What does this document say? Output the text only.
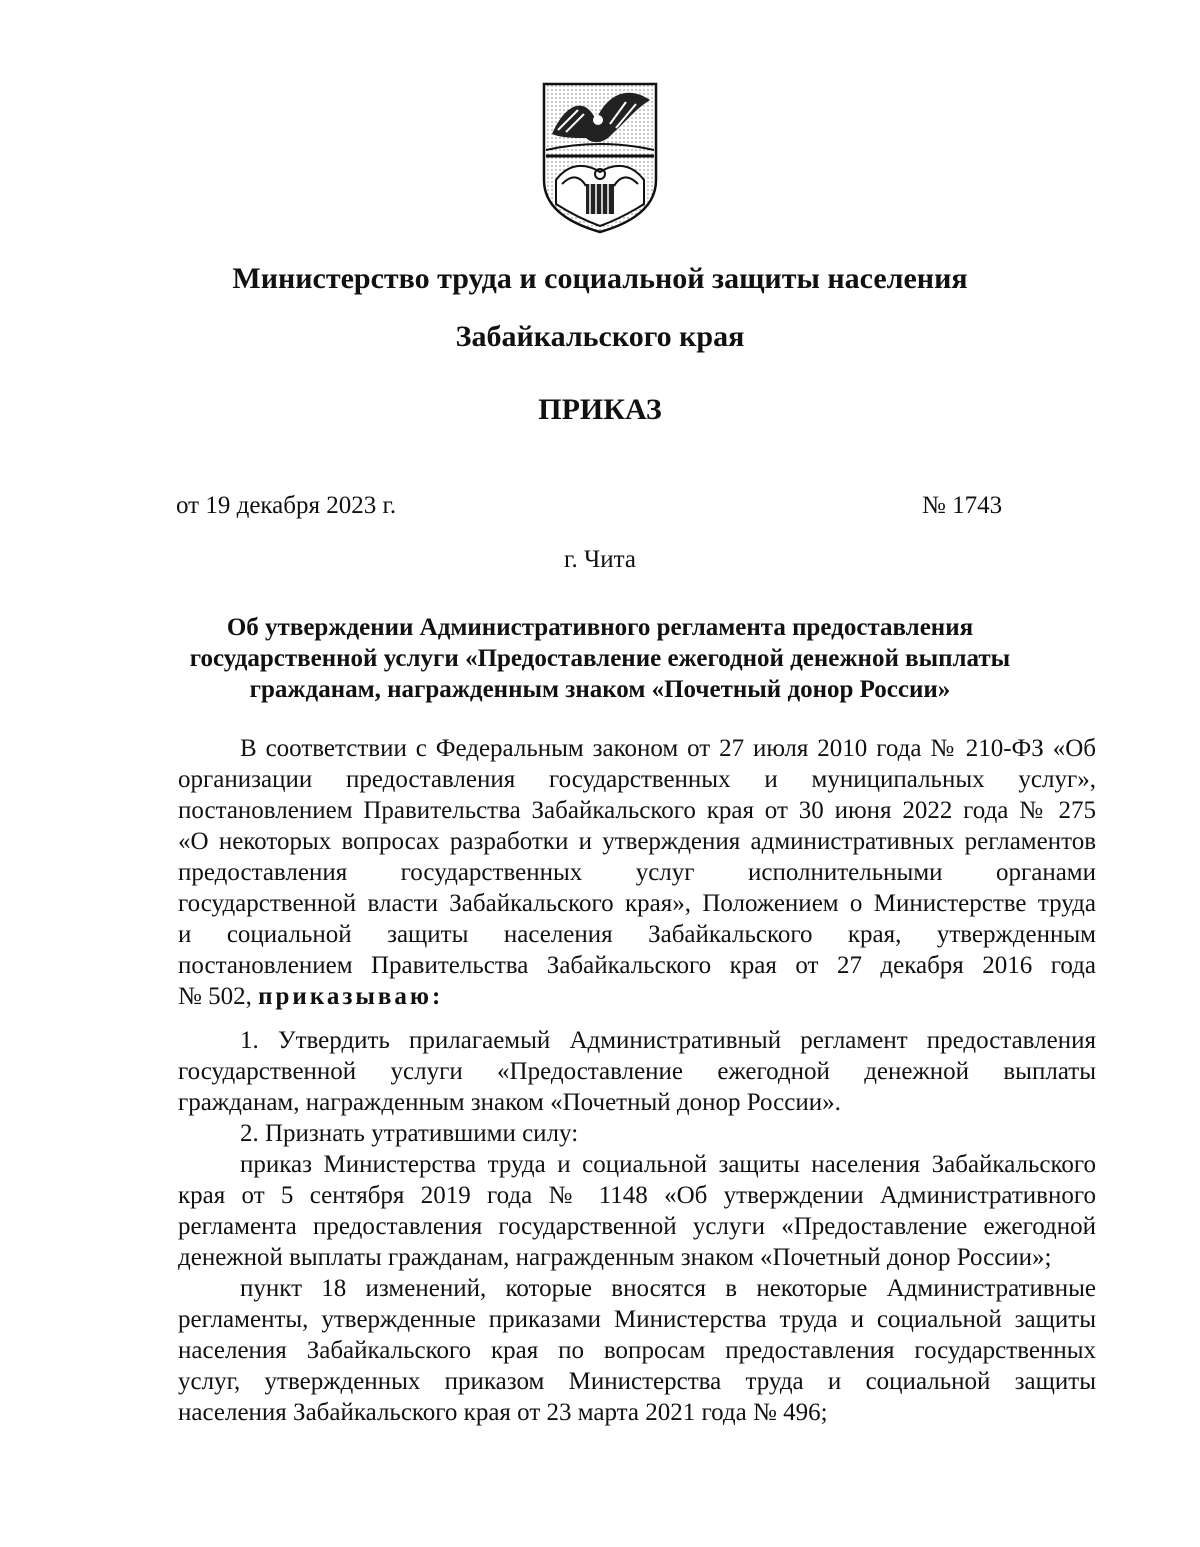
Министерство труда и социальной защиты населения
Забайкальского края
ПРИКАЗ
от 19 декабря 2023 г.	№ 1743
г. Чита
Об утверждении Административного регламента предоставления
государственной услуги «Предоставление ежегодной денежной выплаты
гражданам, награжденным знаком «Почетный донор России»
В соответствии с Федеральным законом от 27 июля 2010 года № 210-ФЗ «Об
организации предоставления государственных и муниципальных услуг»,
постановлением Правительства Забайкальского края от 30 июня 2022 года № 275
«О некоторых вопросах разработки и утверждения административных регламентов
предоставления государственных услуг исполнительными органами
государственной власти Забайкальского края», Положением о Министерстве труда
и социальной защиты населения Забайкальского края, утвержденным
постановлением Правительства Забайкальского края от 27 декабря 2016 года
№ 502, приказываю:
1. Утвердить прилагаемый Административный регламент предоставления
государственной услуги «Предоставление ежегодной денежной выплаты
гражданам, награжденным знаком «Почетный донор России».
2. Признать утратившими силу:
приказ Министерства труда и социальной защиты населения Забайкальского
края от 5 сентября 2019 года № 1148 «Об утверждении Административного
регламента предоставления государственной услуги «Предоставление ежегодной
денежной выплаты гражданам, награжденным знаком «Почетный донор России»;
пункт 18 изменений, которые вносятся в некоторые Административные
регламенты, утвержденные приказами Министерства труда и социальной защиты
населения Забайкальского края по вопросам предоставления государственных
услуг, утвержденных приказом Министерства труда и социальной защиты
населения Забайкальского края от 23 марта 2021 года № 496;
